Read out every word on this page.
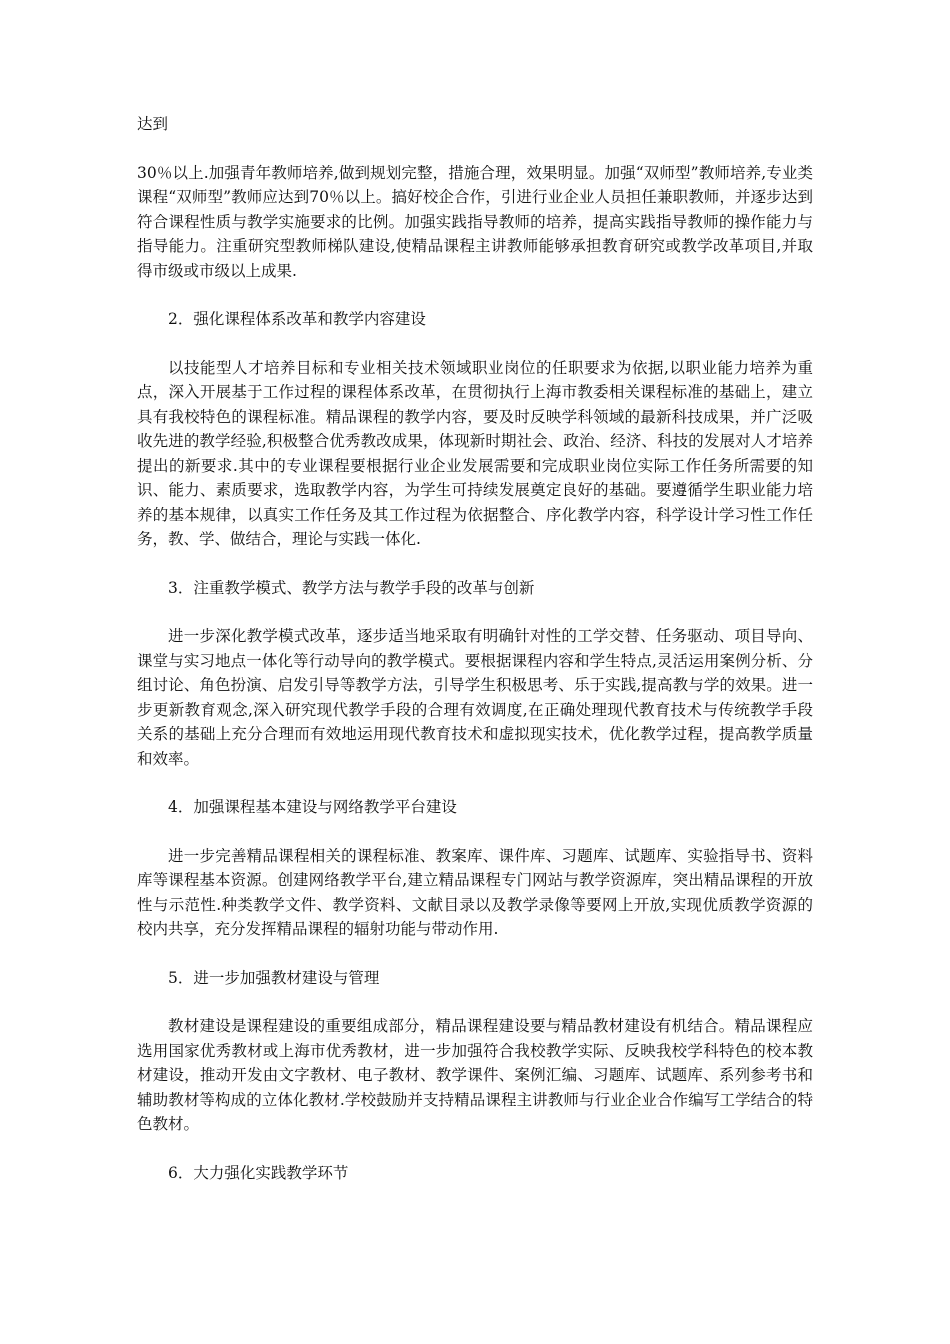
达到

30％以上.加强青年教师培养,做到规划完整，措施合理，效果明显。加强“双师型”教师培养,专业类课程“双师型”教师应达到70％以上。搞好校企合作，引进行业企业人员担任兼职教师，并逐步达到符合课程性质与教学实施要求的比例。加强实践指导教师的培养，提高实践指导教师的操作能力与指导能力。注重研究型教师梯队建设,使精品课程主讲教师能够承担教育研究或教学改革项目,并取得市级或市级以上成果.

2．强化课程体系改革和教学内容建设

以技能型人才培养目标和专业相关技术领域职业岗位的任职要求为依据,以职业能力培养为重点，深入开展基于工作过程的课程体系改革，在贯彻执行上海市教委相关课程标准的基础上，建立具有我校特色的课程标准。精品课程的教学内容，要及时反映学科领域的最新科技成果，并广泛吸收先进的教学经验,积极整合优秀教改成果，体现新时期社会、政治、经济、科技的发展对人才培养提出的新要求.其中的专业课程要根据行业企业发展需要和完成职业岗位实际工作任务所需要的知识、能力、素质要求，选取教学内容，为学生可持续发展奠定良好的基础。要遵循学生职业能力培养的基本规律，以真实工作任务及其工作过程为依据整合、序化教学内容，科学设计学习性工作任务，教、学、做结合，理论与实践一体化.

3．注重教学模式、教学方法与教学手段的改革与创新

进一步深化教学模式改革，逐步适当地采取有明确针对性的工学交替、任务驱动、项目导向、课堂与实习地点一体化等行动导向的教学模式。要根据课程内容和学生特点,灵活运用案例分析、分组讨论、角色扮演、启发引导等教学方法，引导学生积极思考、乐于实践,提高教与学的效果。进一步更新教育观念,深入研究现代教学手段的合理有效调度,在正确处理现代教育技术与传统教学手段关系的基础上充分合理而有效地运用现代教育技术和虚拟现实技术，优化教学过程，提高教学质量和效率。

4．加强课程基本建设与网络教学平台建设

进一步完善精品课程相关的课程标准、教案库、课件库、习题库、试题库、实验指导书、资料库等课程基本资源。创建网络教学平台,建立精品课程专门网站与教学资源库，突出精品课程的开放性与示范性.种类教学文件、教学资料、文献目录以及教学录像等要网上开放,实现优质教学资源的校内共享，充分发挥精品课程的辐射功能与带动作用.

5．进一步加强教材建设与管理

教材建设是课程建设的重要组成部分，精品课程建设要与精品教材建设有机结合。精品课程应选用国家优秀教材或上海市优秀教材，进一步加强符合我校教学实际、反映我校学科特色的校本教材建设，推动开发由文字教材、电子教材、教学课件、案例汇编、习题库、试题库、系列参考书和辅助教材等构成的立体化教材.学校鼓励并支持精品课程主讲教师与行业企业合作编写工学结合的特色教材。

6．大力强化实践教学环节
